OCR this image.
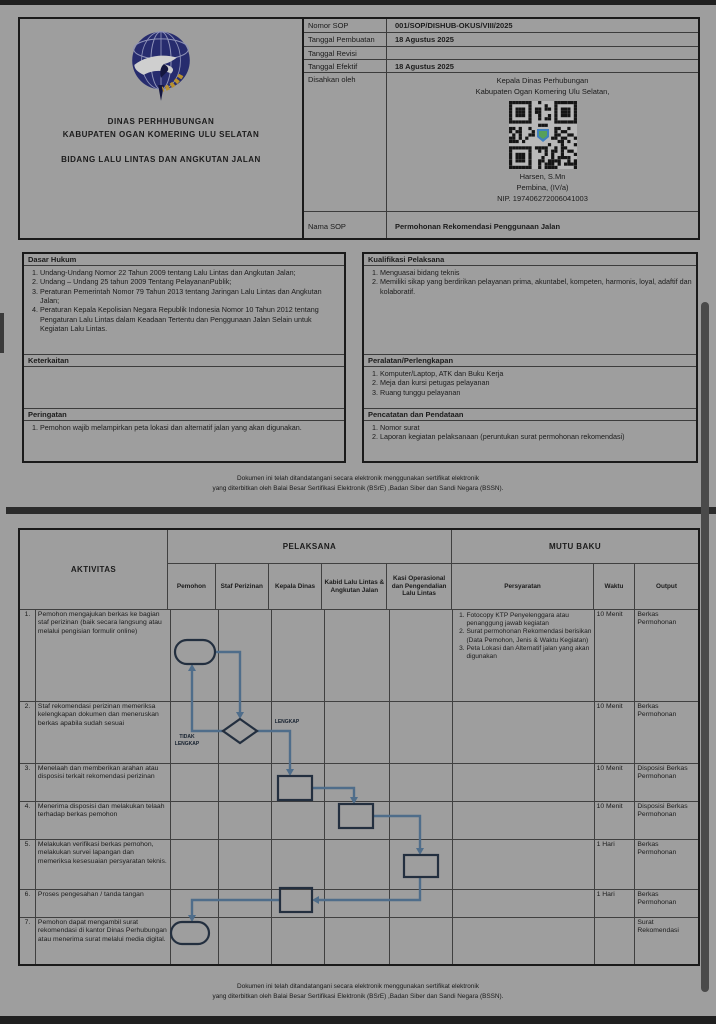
DINAS PERHHUBUNGAN
KABUPATEN OGAN KOMERING ULU SELATAN
BIDANG LALU LINTAS DAN ANGKUTAN JALAN
Nomor SOP	001/SOP/DISHUB-OKUS/VIII/2025
Tanggal Pembuatan	18 Agustus 2025
Tanggal Revisi
Tanggal Efektif	18 Agustus 2025
Disahkan oleh	Kepala Dinas Perhubungan
Kabupaten Ogan Komering Ulu Selatan,
Harsen, S.Mn
Pembina, (IV/a)
NIP. 197406272006041003
Nama SOP	Permohonan Rekomendasi Penggunaan Jalan
Dasar Hukum
1. Undang-Undang Nomor 22 Tahun 2009 tentang Lalu Lintas dan Angkutan Jalan;
2. Undang – Undang 25 tahun 2009 Tentang PelayananPublik;
3. Peraturan Pemerintah Nomor 79 Tahun 2013 tentang Jaringan Lalu Lintas dan Angkutan Jalan;
4. Peraturan Kepala Kepolisian Negara Republik Indonesia Nomor 10 Tahun 2012 tentang Pengaturan Lalu Lintas dalam Keadaan Tertentu dan Penggunaan Jalan Selain untuk Kegiatan Lalu Lintas.
Keterkaitan
Peringatan
1. Pemohon wajib melampirkan peta lokasi dan alternatif jalan yang akan digunakan.
Kualifikasi Pelaksana
1. Menguasai bidang teknis
2. Memiliki sikap yang berdirikan pelayanan prima, akuntabel, kompeten, harmonis, loyal, adaftif dan kolaboratif.
Peralatan/Perlengkapan
1. Komputer/Laptop, ATK dan Buku Kerja
2. Meja dan kursi petugas pelayanan
3. Ruang tunggu pelayanan
Pencatatan dan Pendataan
1. Nomor surat
2. Laporan kegiatan pelaksanaan (peruntukan surat permohonan rekomendasi)
Dokumen ini telah ditandatangani secara elektronik menggunakan sertifikat elektronik
yang diterbitkan oleh Balai Besar Sertifikasi Elektronik (BSrE) ,Badan Siber dan Sandi Negara (BSSN).
AKTIVITAS
PELAKSANA
Pemohon	Staf Perizinan	Kepala Dinas
Kabid Lalu Lintas & Angkutan Jalan
Kasi Operasional dan Pengendalian Lalu Lintas
MUTU BAKU
Persyaratan	Waktu	Output
1.	Pemohon mengajukan berkas ke bagian staf perizinan (baik secara langsung atau melalui pengisian formulir online)
1. Fotocopy KTP Penyelenggara atau penanggung jawab kegiatan
2. Surat permohonan Rekomendasi berisikan (Data Pemohon, Jenis & Waktu Kegiatan)
3. Peta Lokasi dan Alternatif jalan yang akan digunakan
10 Menit	Berkas Permohonan
2.	Staf rekomendasi perizinan memeriksa kelengkapan dokumen dan meneruskan berkas apabila sudah sesuai
10 Menit	Berkas Permohonan
3.	Menelaah dan memberikan arahan atau disposisi terkait rekomendasi perizinan
10 Menit	Disposisi Berkas Permohonan
4.	Menerima disposisi dan melakukan telaah terhadap berkas pemohon
10 Menit	Disposisi Berkas Permohonan
5.	Melakukan verifikasi berkas pemohon, melakukan survei lapangan dan memeriksa kesesuaian persyaratan teknis.
1 Hari	Berkas Permohonan
6.	Proses pengesahan / tanda tangan	1 Hari	Berkas Permohonan
7.	Pemohon dapat mengambil surat rekomendasi di kantor Dinas Perhubungan atau menerima surat melalui media digital.
Surat Rekomendasi
TIDAK
LENGKAP
LENGKAP
Dokumen ini telah ditandatangani secara elektronik menggunakan sertifikat elektronik
yang diterbitkan oleh Balai Besar Sertifikasi Elektronik (BSrE) ,Badan Siber dan Sandi Negara (BSSN).
